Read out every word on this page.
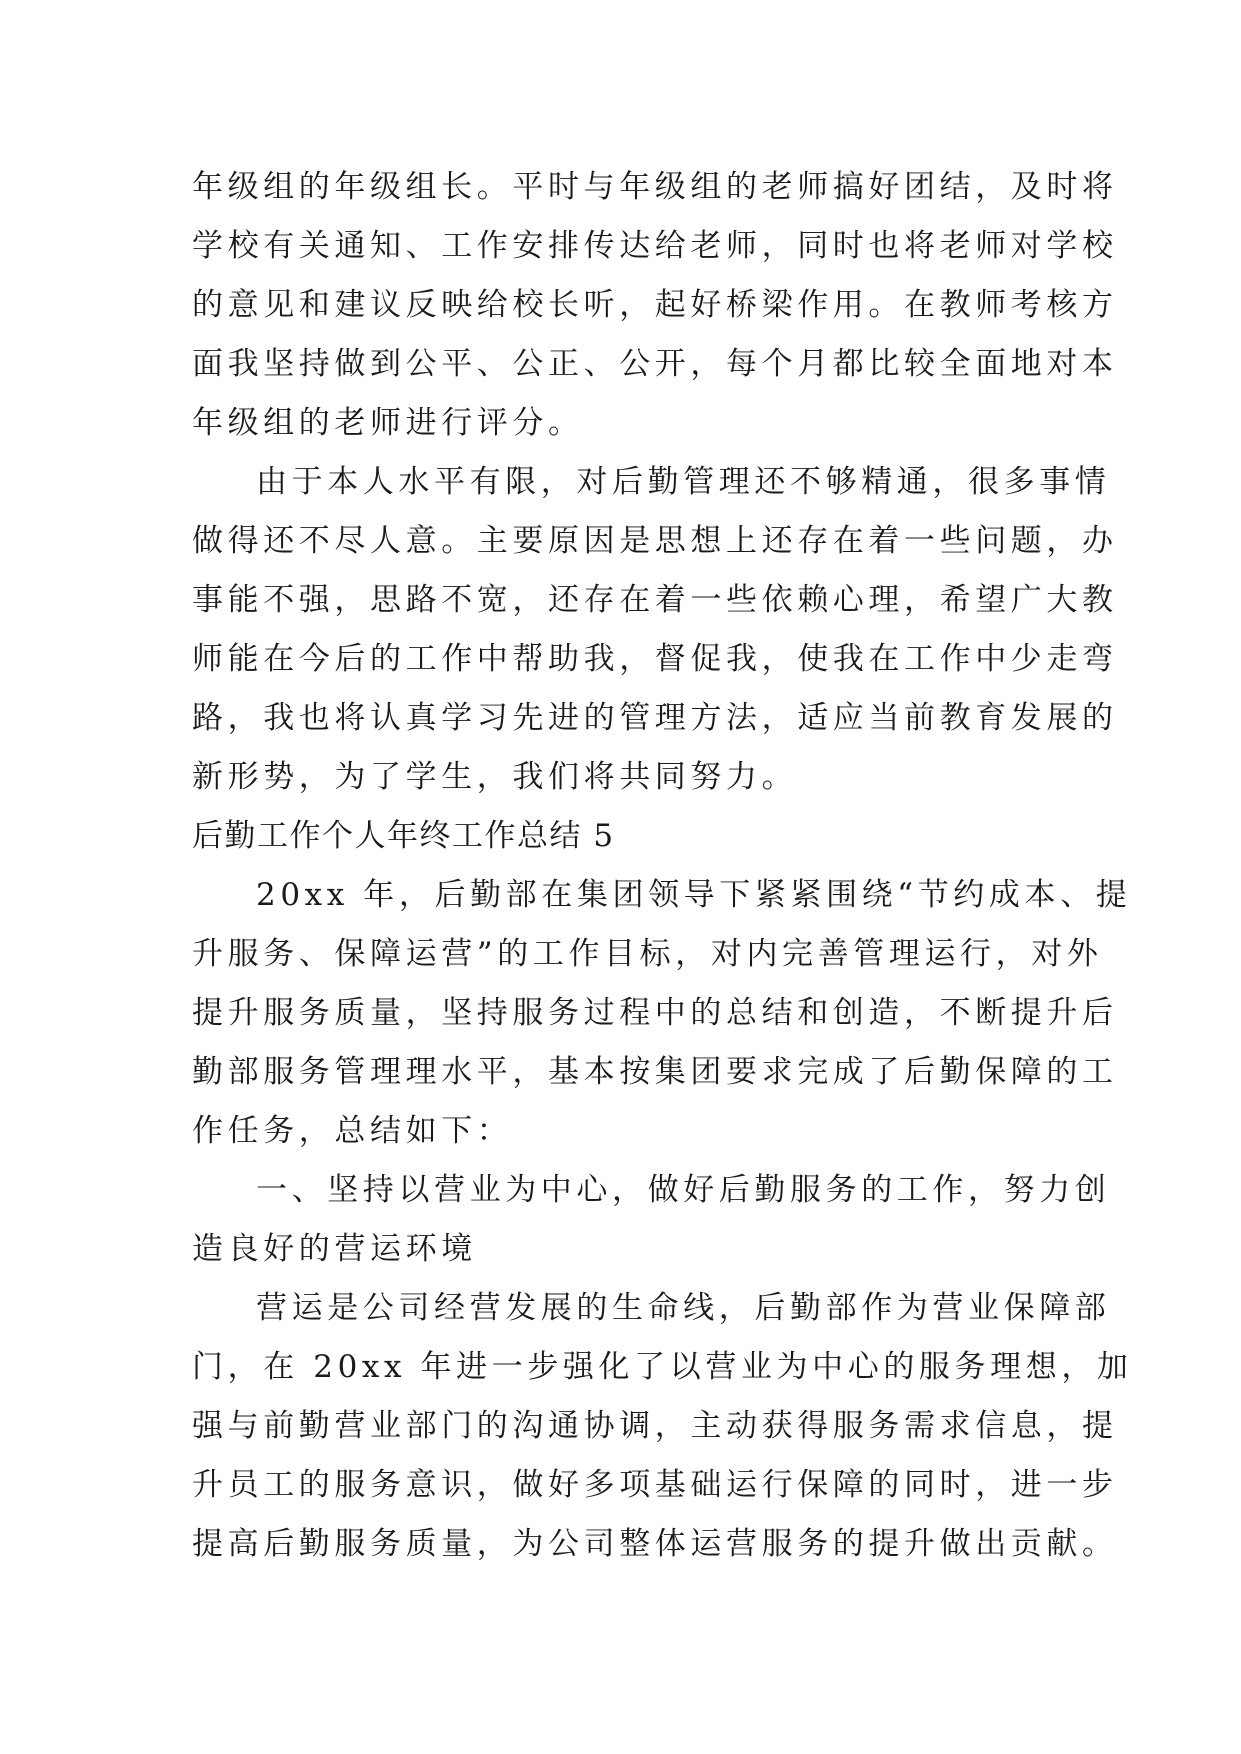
年级组的年级组长。平时与年级组的老师搞好团结，及时将
学校有关通知、工作安排传达给老师，同时也将老师对学校
的意见和建议反映给校长听，起好桥梁作用。在教师考核方
面我坚持做到公平、公正、公开，每个月都比较全面地对本
年级组的老师进行评分。
由于本人水平有限，对后勤管理还不够精通，很多事情
做得还不尽人意。主要原因是思想上还存在着一些问题，办
事能不强，思路不宽，还存在着一些依赖心理，希望广大教
师能在今后的工作中帮助我，督促我，使我在工作中少走弯
路，我也将认真学习先进的管理方法，适应当前教育发展的
新形势，为了学生，我们将共同努力。
后勤工作个人年终工作总结 5
20xx 年，后勤部在集团领导下紧紧围绕“节约成本、提
升服务、保障运营”的工作目标，对内完善管理运行，对外
提升服务质量，坚持服务过程中的总结和创造，不断提升后
勤部服务管理理水平，基本按集团要求完成了后勤保障的工
作任务，总结如下：
一、坚持以营业为中心，做好后勤服务的工作，努力创
造良好的营运环境
营运是公司经营发展的生命线，后勤部作为营业保障部
门，在 20xx 年进一步强化了以营业为中心的服务理想，加
强与前勤营业部门的沟通协调，主动获得服务需求信息，提
升员工的服务意识，做好多项基础运行保障的同时，进一步
提高后勤服务质量，为公司整体运营服务的提升做出贡献。
